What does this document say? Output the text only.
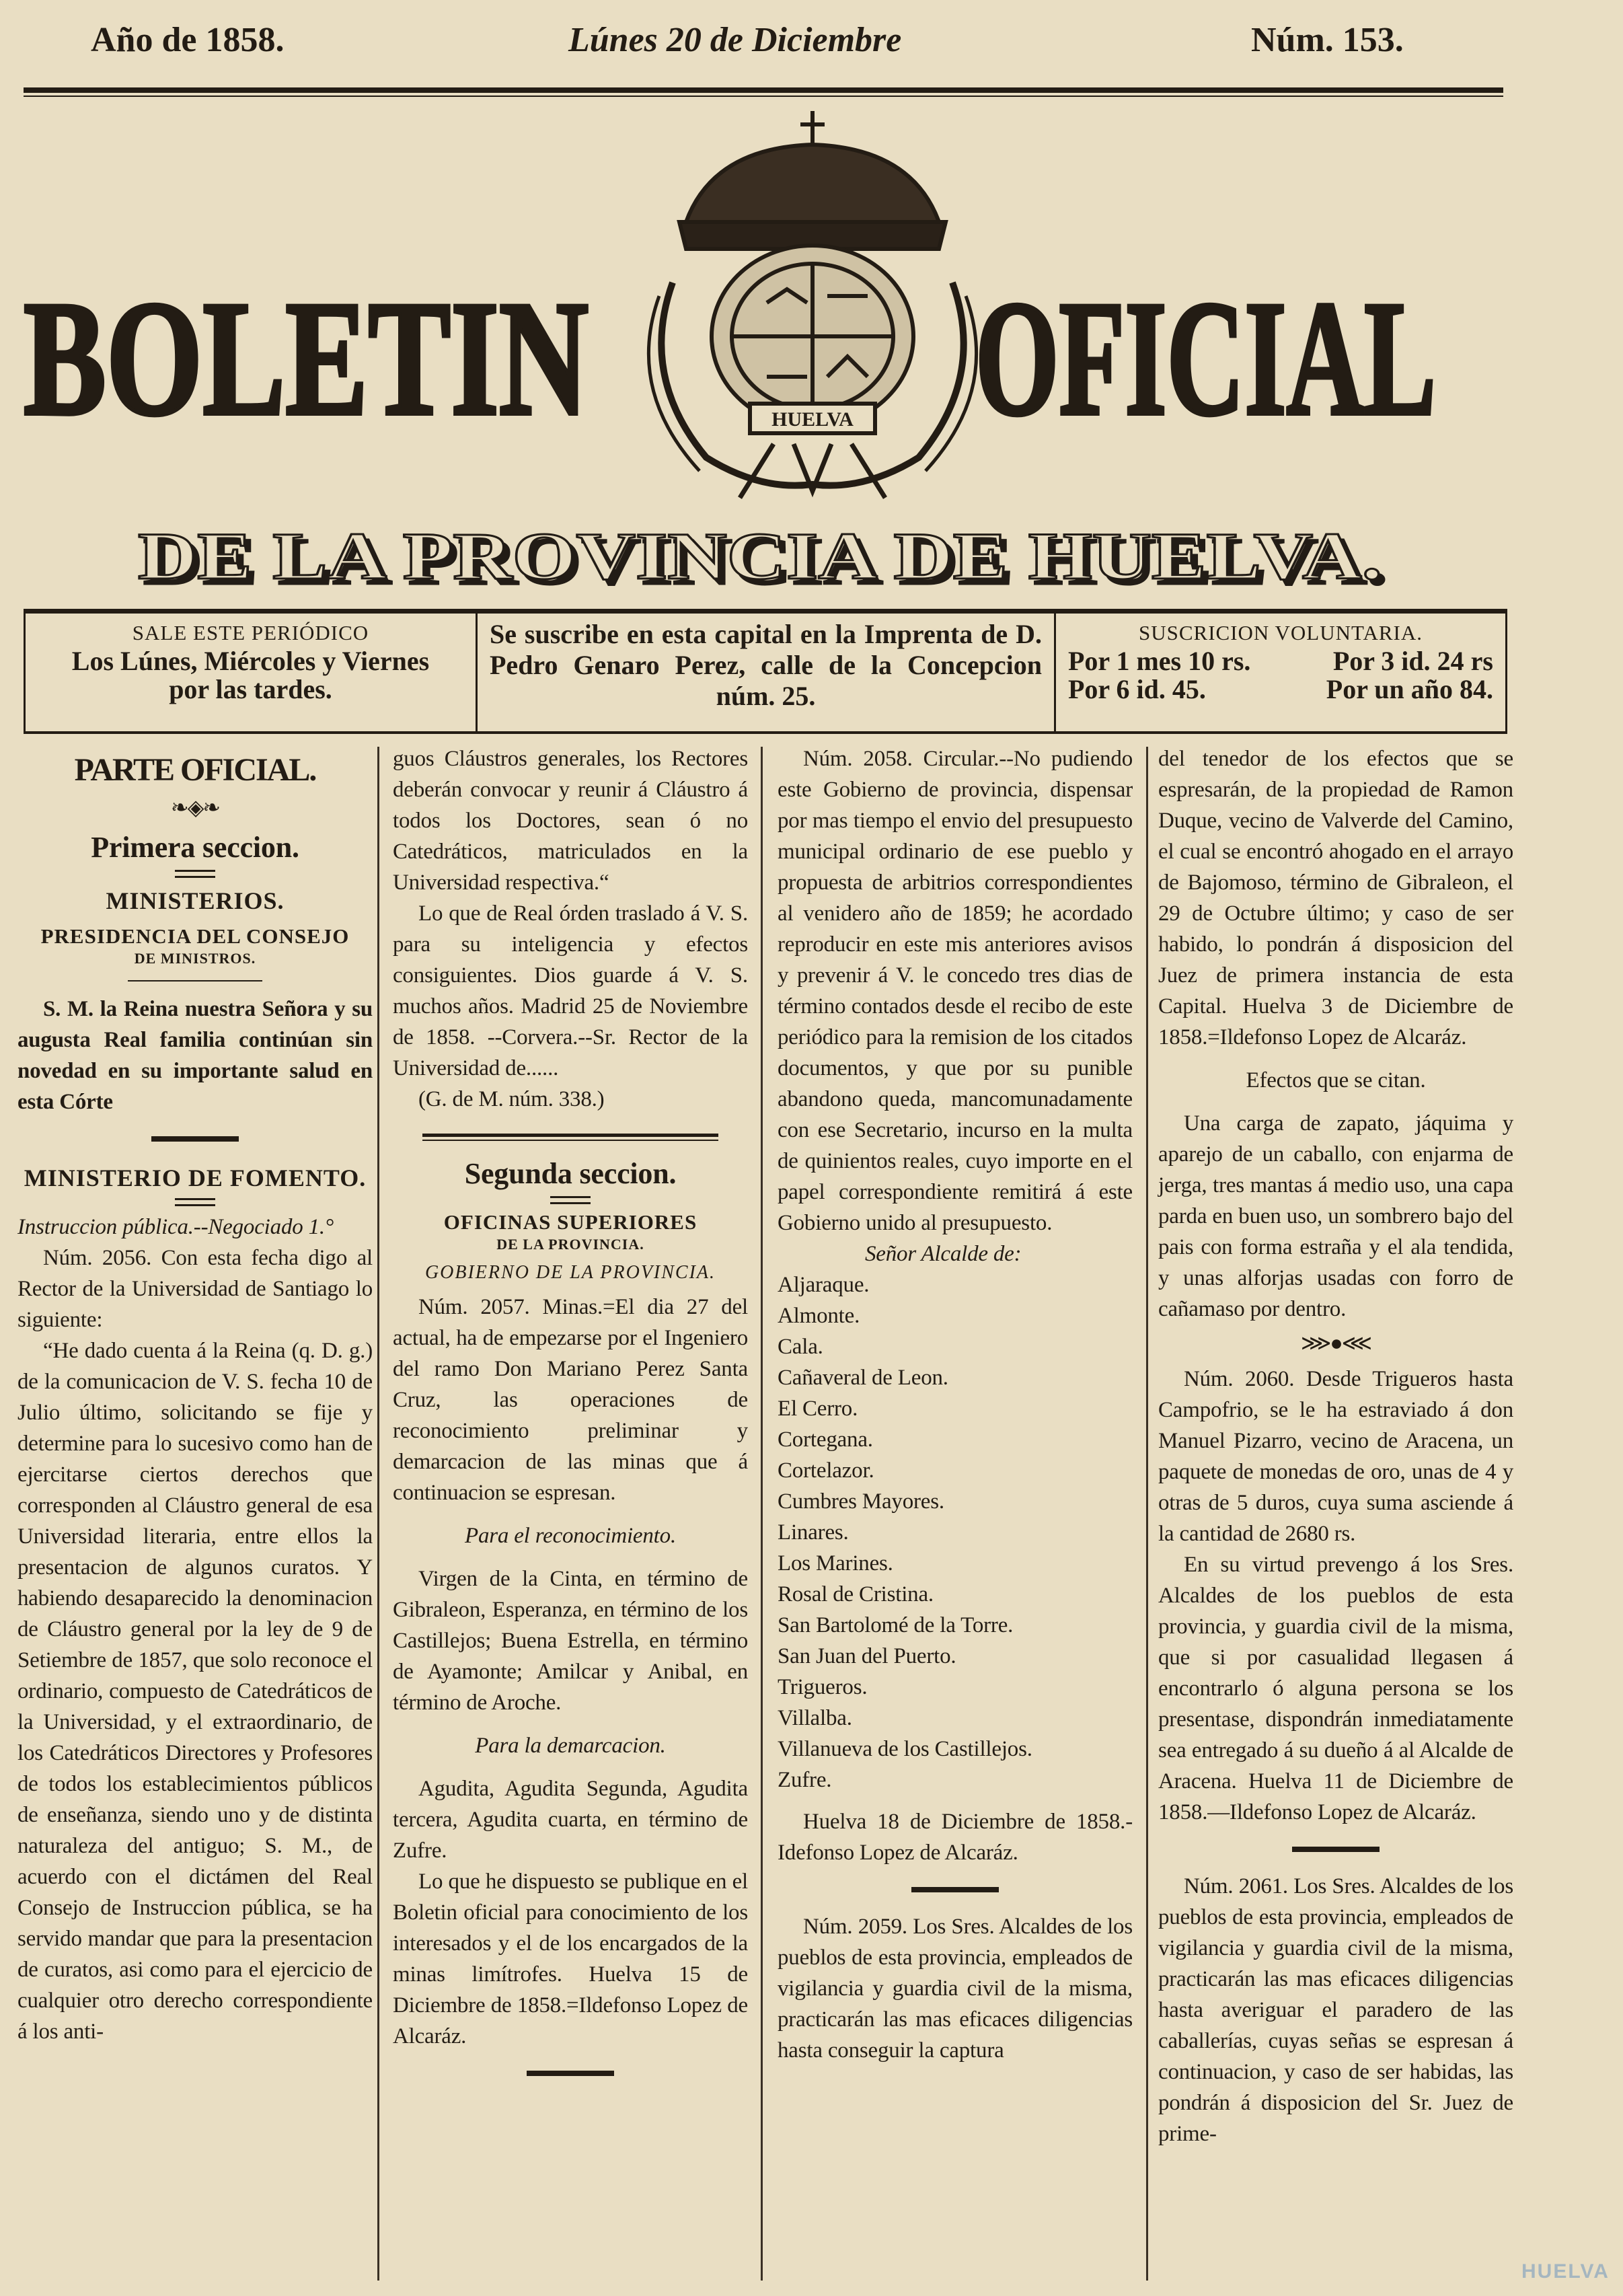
Año de 1858.	Lúnes 20 de Diciembre	Núm. 153.
BOLETIN OFICIAL
HUELVA
DE LA PROVINCIA DE HUELVA.
SALE ESTE PERIÓDICO
Los Lúnes, Miércoles y Viernes
por las tardes.
Se suscribe en esta capital en la Imprenta de D. Pedro Genaro Perez, calle de la Concepcion núm. 25.
SUSCRICION VOLUNTARIA.
Por 1 mes 10 rs.	Por 3 id. 24 rs
Por 6 id. 45.	Por un año 84.
PARTE OFICIAL.
❧◈❧
Primera seccion.
MINISTERIOS.
PRESIDENCIA DEL CONSEJO
DE MINISTROS.

S. M. la Reina nuestra Señora y su augusta Real familia continúan sin novedad en su importante salud en esta Córte

MINISTERIO DE FOMENTO.

Instruccion pública.--Negociado 1.°

Núm. 2056. Con esta fecha digo al Rector de la Universidad de Santiago lo siguiente:

“He dado cuenta á la Reina (q. D. g.) de la comunicacion de V. S. fecha 10 de Julio último, solicitando se fije y determine para lo sucesivo como han de ejercitarse ciertos derechos que corresponden al Cláustro general de esa Universidad literaria, entre ellos la presentacion de algunos curatos. Y habiendo desaparecido la denominacion de Cláustro general por la ley de 9 de Setiembre de 1857, que solo reconoce el ordinario, compuesto de Catedráticos de la Universidad, y el extraordinario, de los Catedráticos Directores y Profesores de todos los establecimientos públicos de enseñanza, siendo uno y de distinta naturaleza del antiguo; S. M., de acuerdo con el dictámen del Real Consejo de Instruccion pública, se ha servido mandar que para la presentacion de curatos, asi como para el ejercicio de cualquier otro derecho correspondiente á los anti-

guos Cláustros generales, los Rectores deberán convocar y reunir á Cláustro á todos los Doctores, sean ó no Catedráticos, matriculados en la Universidad respectiva.“

Lo que de Real órden traslado á V. S. para su inteligencia y efectos consiguientes. Dios guarde á V. S. muchos años. Madrid 25 de Noviembre de 1858. --Corvera.--Sr. Rector de la Universidad de......

(G. de M. núm. 338.)

Segunda seccion.
OFICINAS SUPERIORES
DE LA PROVINCIA.
GOBIERNO DE LA PROVINCIA.

Núm. 2057. Minas.=El dia 27 del actual, ha de empezarse por el Ingeniero del ramo Don Mariano Perez Santa Cruz, las operaciones de reconocimiento preliminar y demarcacion de las minas que á continuacion se espresan.

Para el reconocimiento.

Virgen de la Cinta, en término de Gibraleon, Esperanza, en término de los Castillejos; Buena Estrella, en término de Ayamonte; Amilcar y Anibal, en término de Aroche.

Para la demarcacion.

Agudita, Agudita Segunda, Agudita tercera, Agudita cuarta, en término de Zufre.

Lo que he dispuesto se publique en el Boletin oficial para conocimiento de los interesados y el de los encargados de la minas limítrofes. Huelva 15 de Diciembre de 1858.=Ildefonso Lopez de Alcaráz.

Núm. 2058. Circular.--No pudiendo este Gobierno de provincia, dispensar por mas tiempo el envio del presupuesto municipal ordinario de ese pueblo y propuesta de arbitrios correspondientes al venidero año de 1859; he acordado reproducir en este mis anteriores avisos y prevenir á V. le concedo tres dias de término contados desde el recibo de este periódico para la remision de los citados documentos, y que por su punible abandono queda, mancomunadamente con ese Secretario, incurso en la multa de quinientos reales, cuyo importe en el papel correspondiente remitirá á este Gobierno unido al presupuesto.

Señor Alcalde de:

Aljaraque.

Almonte.

Cala.

Cañaveral de Leon.

El Cerro.

Cortegana.

Cortelazor.

Cumbres Mayores.

Linares.

Los Marines.

Rosal de Cristina.

San Bartolomé de la Torre.

San Juan del Puerto.

Trigueros.

Villalba.

Villanueva de los Castillejos.

Zufre.

Huelva 18 de Diciembre de 1858.-Idefonso Lopez de Alcaráz.

Núm. 2059. Los Sres. Alcaldes de los pueblos de esta provincia, empleados de vigilancia y guardia civil de la misma, practicarán las mas eficaces diligencias hasta conseguir la captura

del tenedor de los efectos que se espresarán, de la propiedad de Ramon Duque, vecino de Valverde del Camino, el cual se encontró ahogado en el arrayo de Bajomoso, término de Gibraleon, el 29 de Octubre último; y caso de ser habido, lo pondrán á disposicion del Juez de primera instancia de esta Capital. Huelva 3 de Diciembre de 1858.=Ildefonso Lopez de Alcaráz.

Efectos que se citan.

Una carga de zapato, jáquima y aparejo de un caballo, con enjarma de jerga, tres mantas á medio uso, una capa parda en buen uso, un sombrero bajo del pais con forma estraña y el ala tendida, y unas alforjas usadas con forro de cañamaso por dentro.

⋙●⋘

Núm. 2060. Desde Trigueros hasta Campofrio, se le ha estraviado á don Manuel Pizarro, vecino de Aracena, un paquete de monedas de oro, unas de 4 y otras de 5 duros, cuya suma asciende á la cantidad de 2680 rs.

En su virtud prevengo á los Sres. Alcaldes de los pueblos de esta provincia, y guardia civil de la misma, que si por casualidad llegasen á encontrarlo ó alguna persona se los presentase, dispondrán inmediatamente sea entregado á su dueño á al Alcalde de Aracena. Huelva 11 de Diciembre de 1858.—Ildefonso Lopez de Alcaráz.

Núm. 2061. Los Sres. Alcaldes de los pueblos de esta provincia, empleados de vigilancia y guardia civil de la misma, practicarán las mas eficaces diligencias hasta averiguar el paradero de las caballerías, cuyas señas se espresan á continuacion, y caso de ser habidas, las pondrán á disposicion del Sr. Juez de prime-

HUELVA
